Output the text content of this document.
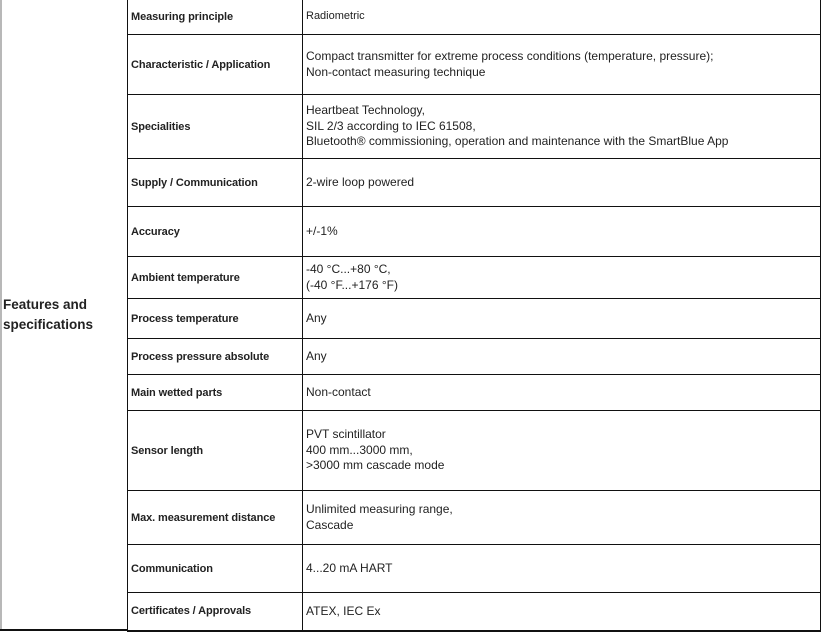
Features and specifications	Measuring principle	Radiometric

	Characteristic / Application	Compact transmitter for extreme process conditions (temperature, pressure);
Non-contact measuring technique

	Specialities	Heartbeat Technology,
SIL 2/3 according to IEC 61508,
Bluetooth® commissioning, operation and maintenance with the SmartBlue App

	Supply / Communication	2-wire loop powered

	Accuracy	+/-1%

	Ambient temperature	-40 °C...+80 °C,
(-40 °F...+176 °F)

	Process temperature	Any

	Process pressure absolute	Any

	Main wetted parts	Non-contact

	Sensor length	PVT scintillator
400 mm...3000 mm,
>3000 mm cascade mode

	Max. measurement distance	Unlimited measuring range,
Cascade

	Communication	4...20 mA HART

	Certificates / Approvals	ATEX, IEC Ex
